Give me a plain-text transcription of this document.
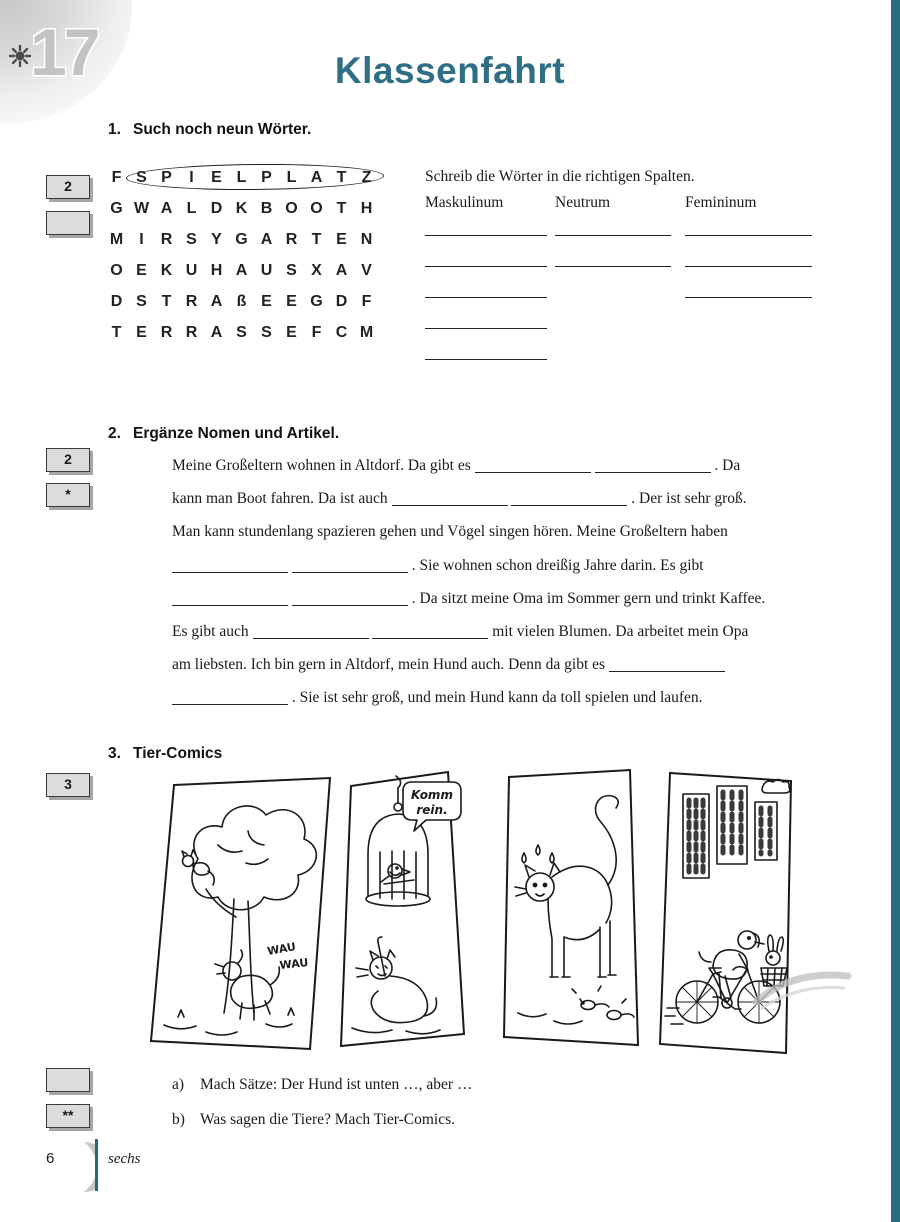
17	Klassenfahrt
1. Such noch neun Wörter.
2	F S P	I	E L P L A T Z
G W A L D K B O O T H
M	I	R S Y G A R T E N
O E K U H A U S X A V
D S T R A ß E E G D F
T E R R A S S E F C M
Schreib die Wörter in die richtigen Spalten.
Maskulinum	Neutrum	Femininum
2. Ergänze Nomen und Artikel.
2
*
Meine Großeltern wohnen in Altdorf. Da gibt es	. Da
kann man Boot fahren. Da ist auch	. Der ist sehr groß.
Man kann stundenlang spazieren gehen und Vögel singen hören. Meine Großeltern haben
. Sie wohnen schon dreißig Jahre darin. Es gibt
. Da sitzt meine Oma im Sommer gern und trinkt Kaffee.
Es gibt auch	mit vielen Blumen. Da arbeitet mein Opa
am liebsten. Ich bin gern in Altdorf, mein Hund auch. Denn da gibt es
. Sie ist sehr groß, und mein Hund kann da toll spielen und laufen.
3. Tier-Comics
3
WAU
WAU
Komm
rein.
a) Mach Sätze: Der Hund ist unten …, aber …
b) Was sagen die Tiere? Mach Tier-Comics.
**
6	sechs
